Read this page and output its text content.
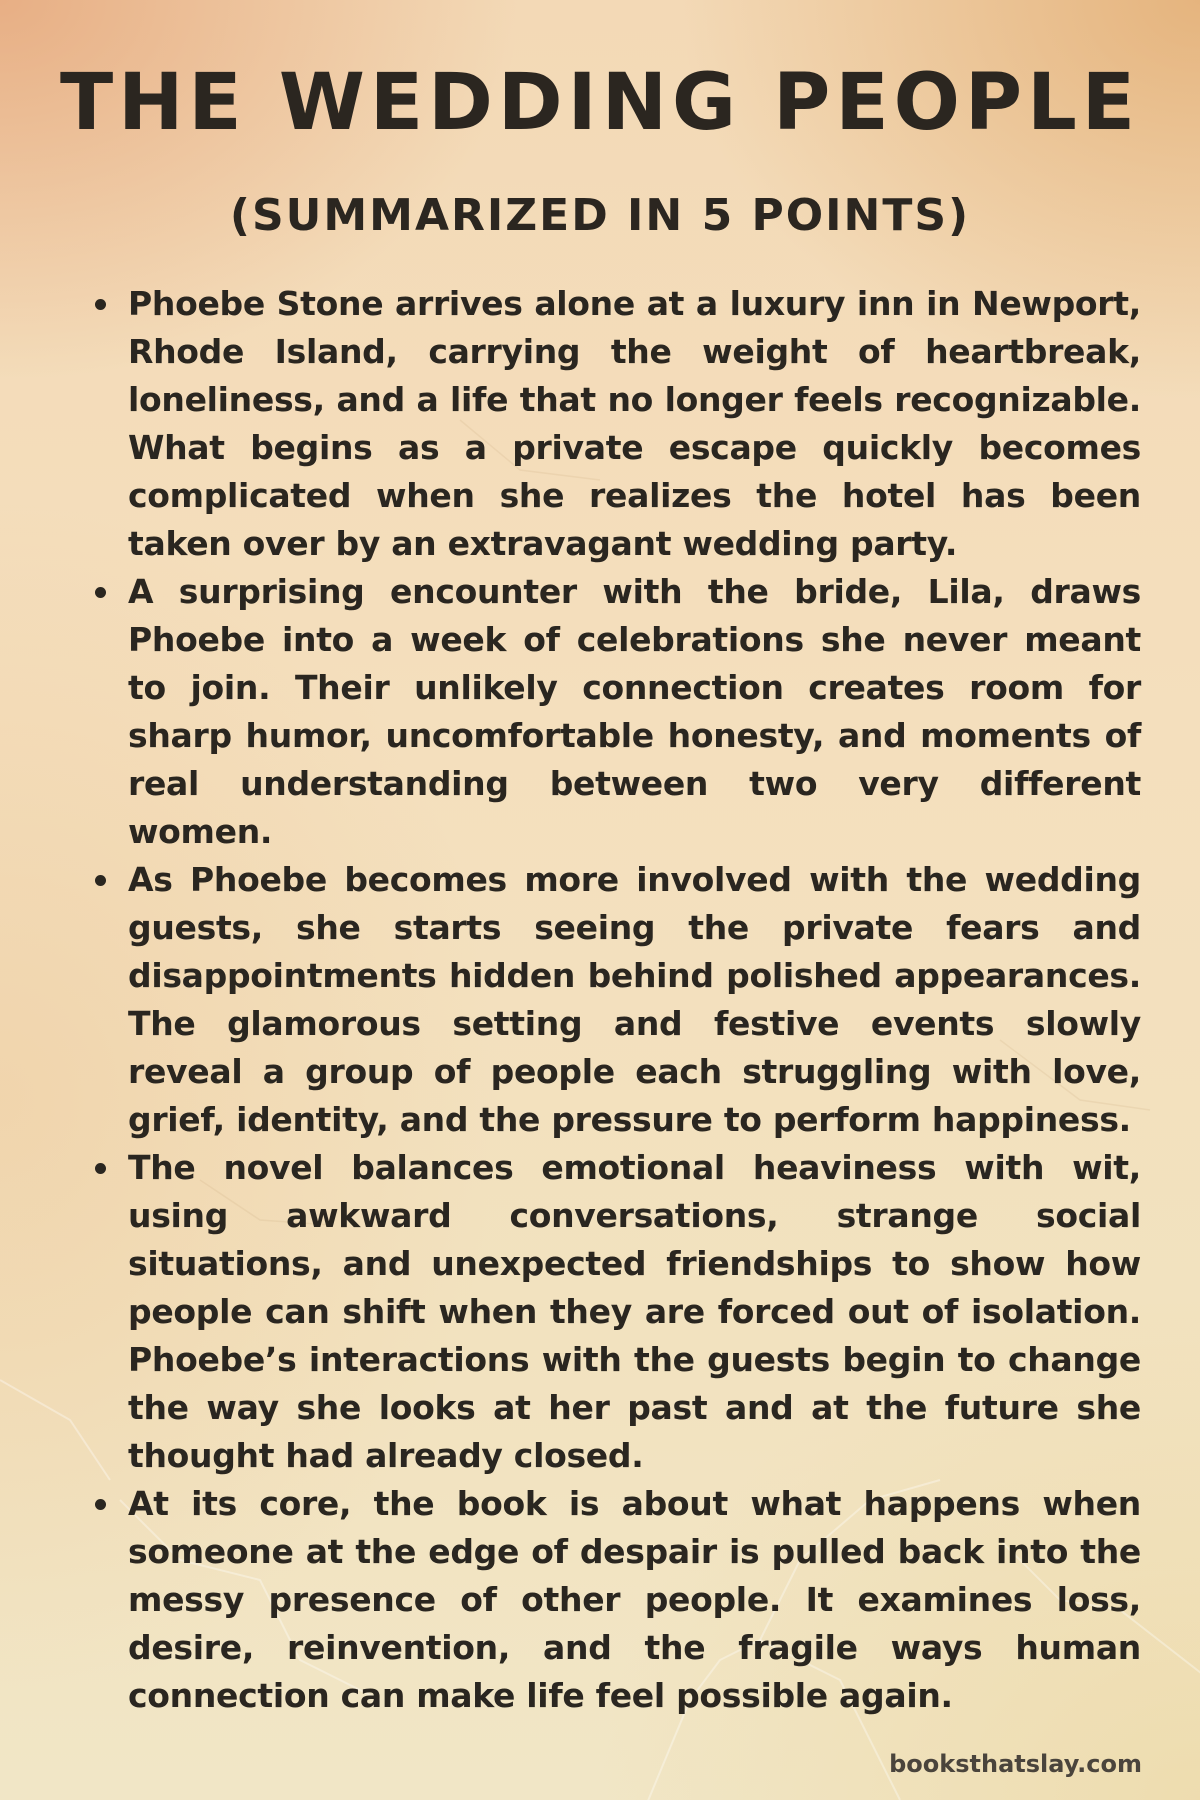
THE WEDDING PEOPLE
(SUMMARIZED IN 5 POINTS)
Phoebe Stone arrives alone at a luxury inn in Newport, Rhode Island, carrying the weight of heartbreak, loneliness, and a life that no longer feels recognizable. What begins as a private escape quickly becomes complicated when she realizes the hotel has been taken over by an extravagant wedding party.
A surprising encounter with the bride, Lila, draws Phoebe into a week of celebrations she never meant to join. Their unlikely connection creates room for sharp humor, uncomfortable honesty, and moments of real understanding between two very different women.
As Phoebe becomes more involved with the wedding guests, she starts seeing the private fears and disappointments hidden behind polished appearances. The glamorous setting and festive events slowly reveal a group of people each struggling with love, grief, identity, and the pressure to perform happiness.
The novel balances emotional heaviness with wit, using awkward conversations, strange social situations, and unexpected friendships to show how people can shift when they are forced out of isolation. Phoebe’s interactions with the guests begin to change the way she looks at her past and at the future she thought had already closed.
At its core, the book is about what happens when someone at the edge of despair is pulled back into the messy presence of other people. It examines loss, desire, reinvention, and the fragile ways human connection can make life feel possible again.
booksthatslay.com
